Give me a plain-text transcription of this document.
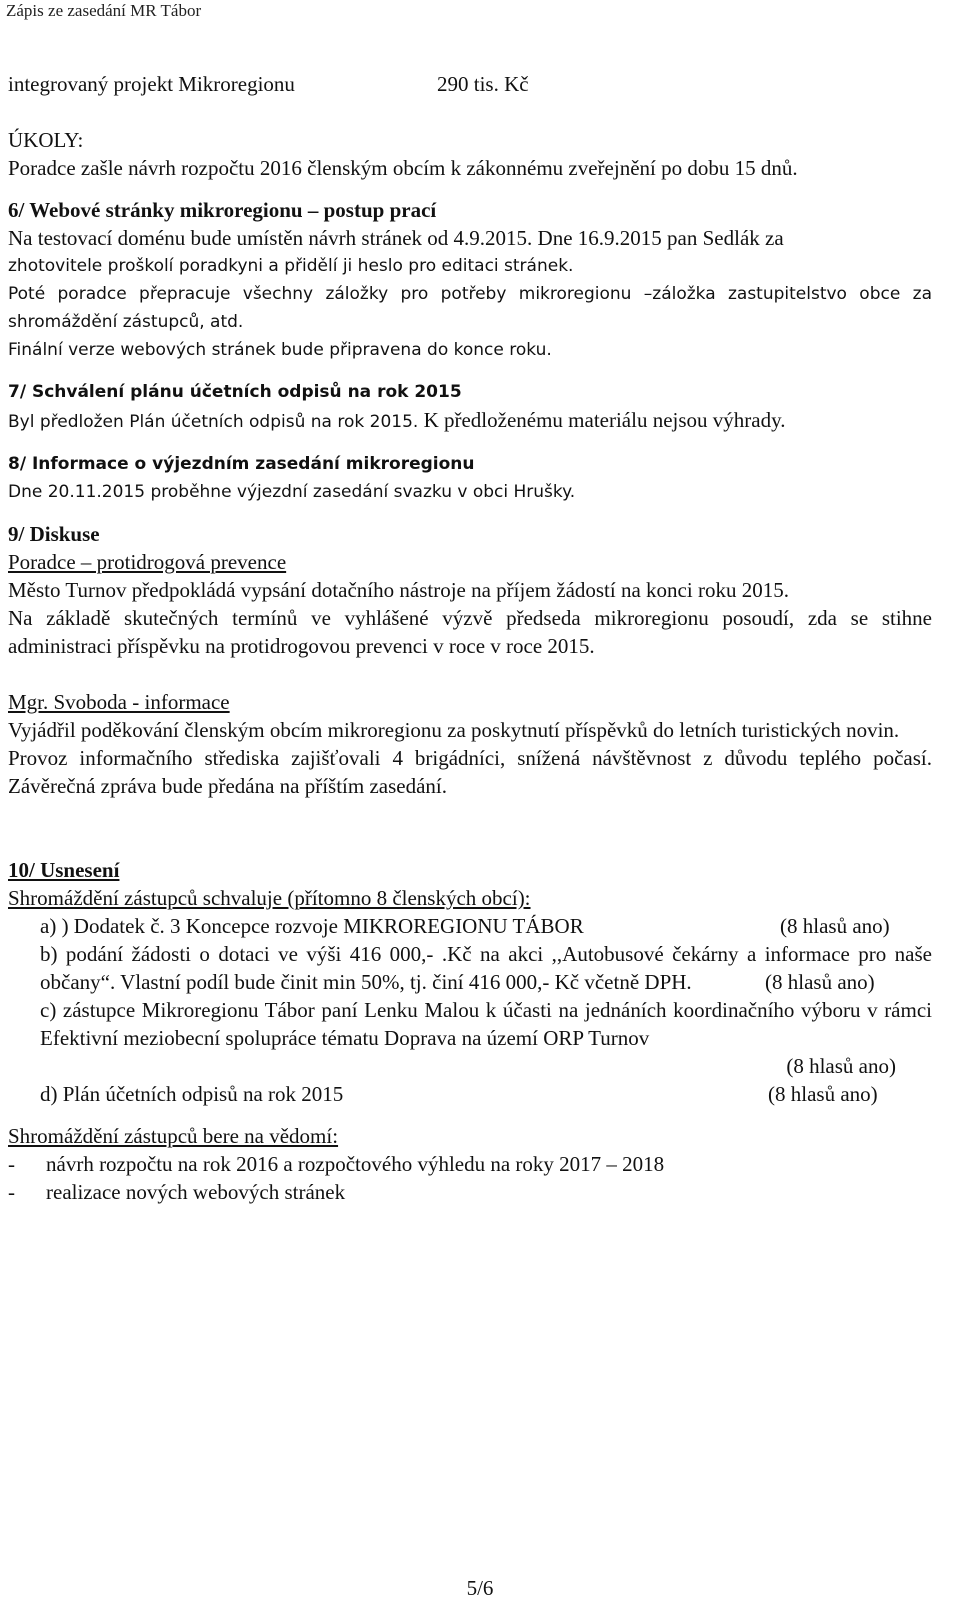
Zápis ze zasedání MR Tábor
integrovaný projekt Mikroregionu	290 tis. Kč
ÚKOLY:
Poradce zašle návrh rozpočtu 2016 členským obcím k zákonnému zveřejnění po dobu 15 dnů.
6/ Webové stránky mikroregionu – postup prací
Na testovací doménu bude umístěn návrh stránek od 4.9.2015. Dne 16.9.2015 pan Sedlák za
zhotovitele proškolí poradkyni a přidělí ji heslo pro editaci stránek.
Poté poradce přepracuje všechny záložky pro potřeby mikroregionu –záložka zastupitelstvo obce za shromáždění zástupců, atd.
Finální verze webových stránek bude připravena do konce roku.
7/ Schválení plánu účetních odpisů na rok 2015
Byl předložen Plán účetních odpisů na rok 2015. K předloženému materiálu nejsou výhrady.
8/ Informace o výjezdním zasedání mikroregionu
Dne 20.11.2015 proběhne výjezdní zasedání svazku v obci Hrušky.
9/ Diskuse
Poradce – protidrogová prevence
Město Turnov předpokládá vypsání dotačního nástroje na příjem žádostí na konci roku 2015.
Na základě skutečných termínů ve vyhlášené výzvě předseda mikroregionu posoudí, zda se stihne administraci příspěvku na protidrogovou prevenci v roce v roce 2015.
Mgr. Svoboda - informace
Vyjádřil poděkování členským obcím mikroregionu za poskytnutí příspěvků do letních turistických novin.
Provoz informačního střediska zajišťovali 4 brigádníci, snížená návštěvnost z důvodu teplého počasí. Závěrečná zpráva bude předána na příštím zasedání.
10/ Usnesení
Shromáždění zástupců schvaluje (přítomno 8 členských obcí):
a) ) Dodatek č. 3 Koncepce rozvoje MIKROREGIONU TÁBOR	(8 hlasů ano)
b) podání žádosti o dotaci ve výši 416 000,- .Kč na akci ,,Autobusové čekárny a informace pro naše občany“. Vlastní podíl bude činit min 50%, tj. činí 416 000,- Kč včetně DPH.	(8 hlasů ano)
c) zástupce Mikroregionu Tábor paní Lenku Malou k účasti na jednáních koordinačního výboru v rámci Efektivní meziobecní spolupráce tématu Doprava na území ORP Turnov
(8 hlasů ano)
d) Plán účetních odpisů na rok 2015	(8 hlasů ano)
Shromáždění zástupců bere na vědomí:
- návrh rozpočtu na rok 2016 a rozpočtového výhledu na roky 2017 – 2018
- realizace nových webových stránek
5/6
